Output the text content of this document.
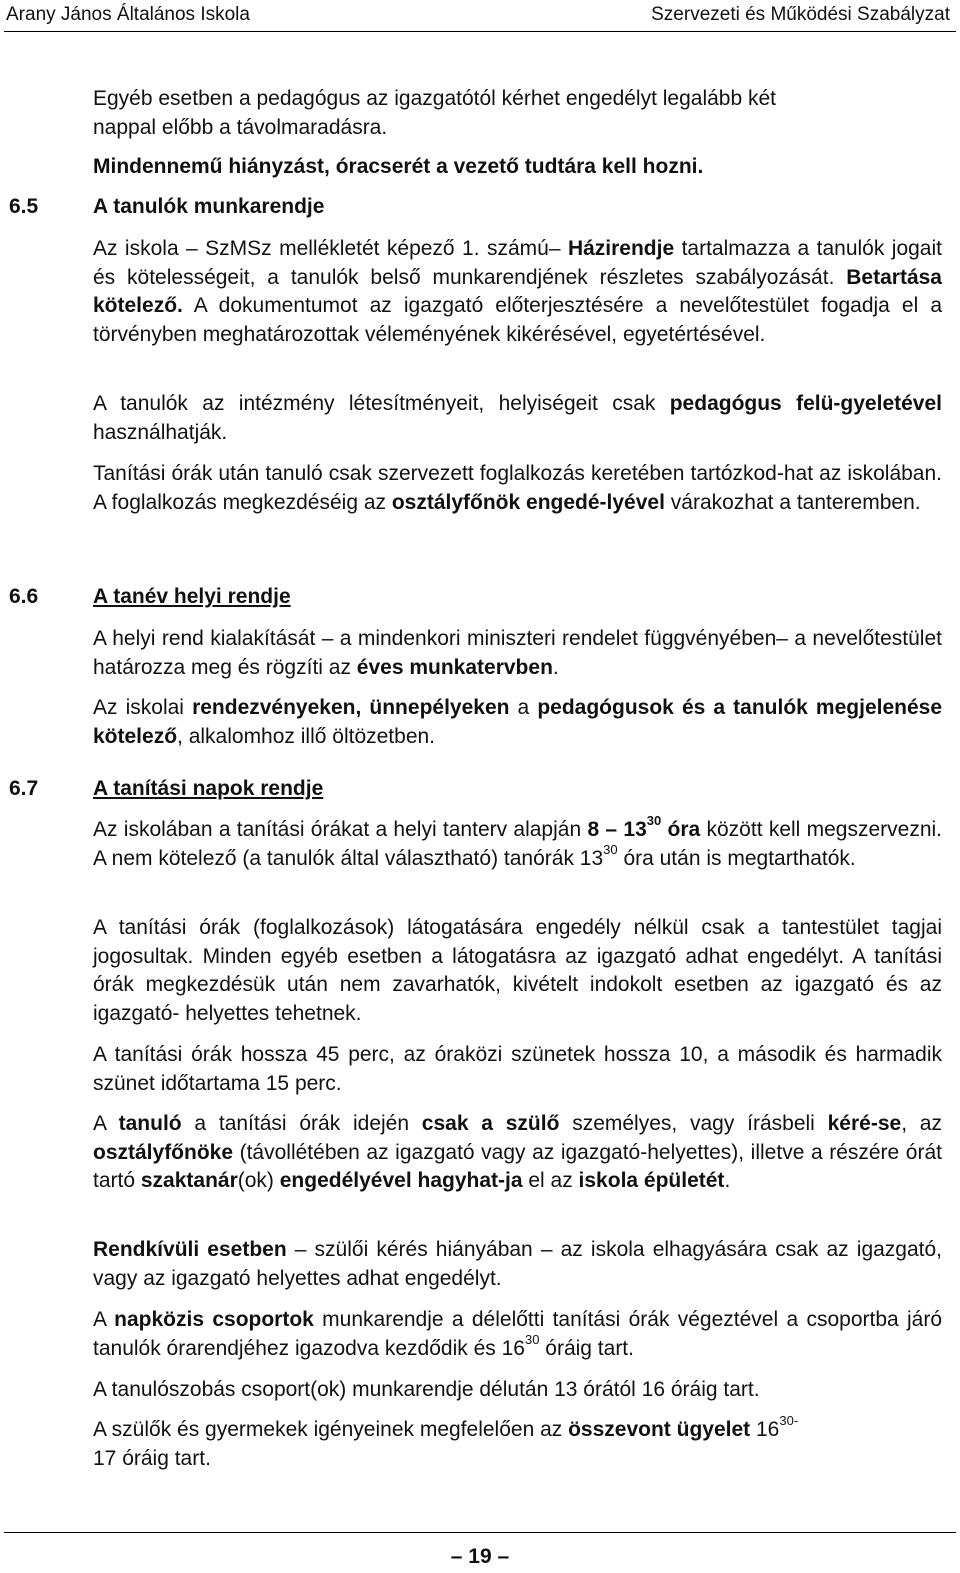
Arany János Általános Iskola	Szervezeti és Működési Szabályzat

Egyéb esetben a pedagógus az igazgatótól kérhet engedélyt legalább két
nappal előbb a távolmaradásra.

Mindennemű hiányzást, óracserét a vezető tudtára kell hozni.

6.5	A tanulók munkarendje

Az iskola – SzMSz mellékletét képező 1. számú– Házirendje tartalmazza a tanulók jogait és kötelességeit, a tanulók belső munkarendjének részletes szabályozását. Betartása kötelező. A dokumentumot az igazgató előterjesztésére a nevelőtestület fogadja el a törvényben meghatározottak véleményének kikérésével, egyetértésével.

A tanulók az intézmény létesítményeit, helyiségeit csak pedagógus felü-gyeletével használhatják.

Tanítási órák után tanuló csak szervezett foglalkozás keretében tartózkod-hat az iskolában. A foglalkozás megkezdéséig az osztályfőnök engedé-lyével várakozhat a tanteremben.

6.6	A tanév helyi rendje

A helyi rend kialakítását – a mindenkori miniszteri rendelet függvényében– a nevelőtestület határozza meg és rögzíti az éves munkatervben.

Az iskolai rendezvényeken, ünnepélyeken a pedagógusok és a tanulók megjelenése kötelező, alkalomhoz illő öltözetben.

6.7	A tanítási napok rendje

Az iskolában a tanítási órákat a helyi tanterv alapján $8 - 13^{30}$ óra között kell megszervezni. A nem kötelező (a tanulók által választható) tanórák $13^{30}$ óra után is megtarthatók.

A tanítási órák (foglalkozások) látogatására engedély nélkül csak a tantestület tagjai jogosultak. Minden egyéb esetben a látogatásra az igazgató adhat engedélyt. A tanítási órák megkezdésük után nem zavarhatók, kivételt indokolt esetben az igazgató és az igazgató- helyettes tehetnek.

A tanítási órák hossza 45 perc, az óraközi szünetek hossza 10, a második és harmadik szünet időtartama 15 perc.

A tanuló a tanítási órák idején csak a szülő személyes, vagy írásbeli kéré-se, az osztályfőnöke (távollétében az igazgató vagy az igazgató-helyettes), illetve a részére órát tartó szaktanár(ok) engedélyével hagyhat-ja el az iskola épületét.

Rendkívüli esetben – szülői kérés hiányában – az iskola elhagyására csak az igazgató, vagy az igazgató helyettes adhat engedélyt.

A napközis csoportok munkarendje a délelőtti tanítási órák végeztével a csoportba járó tanulók órarendjéhez igazodva kezdődik és $16^{30}$ óráig tart.

A tanulószobás csoport(ok) munkarendje délután 13 órától 16 óráig tart.

A szülők és gyermekek igényeinek megfelelően az összevont ügyelet $16^{30-}$
17 óráig tart.

– 19 –
